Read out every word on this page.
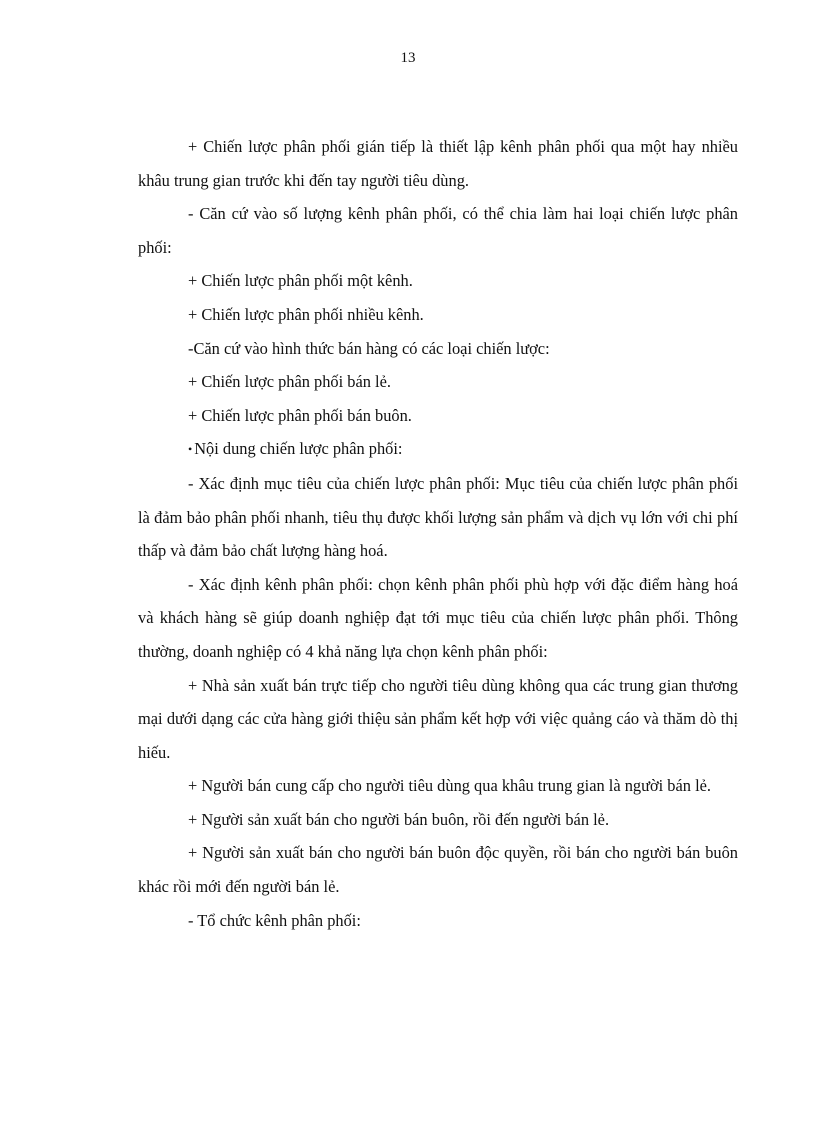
13

+ Chiến lược phân phối gián tiếp là thiết lập kênh phân phối qua một hay nhiều khâu trung gian trước khi đến tay người tiêu dùng.

- Căn cứ vào số lượng kênh phân phối, có thể chia làm hai loại chiến lược phân phối:

+ Chiến lược phân phối một kênh.

+ Chiến lược phân phối nhiều kênh.

-Căn cứ vào hình thức bán hàng có các loại chiến lược:

+ Chiến lược phân phối bán lẻ.

+ Chiến lược phân phối bán buôn.

• Nội dung chiến lược phân phối:

- Xác định mục tiêu của chiến lược phân phối: Mục tiêu của chiến lược phân phối là đảm bảo phân phối nhanh, tiêu thụ được khối lượng sản phẩm và dịch vụ lớn với chi phí thấp và đảm bảo chất lượng hàng hoá.

- Xác định kênh phân phối: chọn kênh phân phối phù hợp với đặc điểm hàng hoá và khách hàng sẽ giúp doanh nghiệp đạt tới mục tiêu của chiến lược phân phối. Thông thường, doanh nghiệp có 4 khả năng lựa chọn kênh phân phối:

+ Nhà sản xuất bán trực tiếp cho người tiêu dùng không qua các trung gian thương mại dưới dạng các cửa hàng giới thiệu sản phẩm kết hợp với việc quảng cáo và thăm dò thị hiếu.

+ Người bán cung cấp cho người tiêu dùng qua khâu trung gian là người bán lẻ.

+ Người sản xuất bán cho người bán buôn, rồi đến người bán lẻ.

+ Người sản xuất bán cho người bán buôn độc quyền, rồi bán cho người bán buôn khác rồi mới đến người bán lẻ.

- Tổ chức kênh phân phối:
